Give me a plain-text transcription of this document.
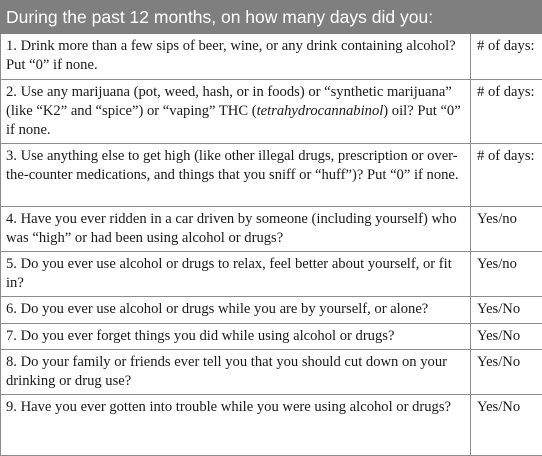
During the past 12 months, on how many days did you:
1. Drink more than a few sips of beer, wine, or any drink containing alcohol? Put “0” if none.	# of days:
2. Use any marijuana (pot, weed, hash, or in foods) or “synthetic marijuana” (like “K2” and “spice”) or “vaping” THC (tetrahydrocannabinol) oil? Put “0” if none.	# of days:
3. Use anything else to get high (like other illegal drugs, prescription or over-the-counter medications, and things that you sniff or “huff”)? Put “0” if none.	# of days:
4. Have you ever ridden in a car driven by someone (including yourself) who was “high” or had been using alcohol or drugs?	Yes/no
5. Do you ever use alcohol or drugs to relax, feel better about yourself, or fit in?	Yes/no
6. Do you ever use alcohol or drugs while you are by yourself, or alone?	Yes/No
7. Do you ever forget things you did while using alcohol or drugs?	Yes/No
8. Do your family or friends ever tell you that you should cut down on your drinking or drug use?	Yes/No
9. Have you ever gotten into trouble while you were using alcohol or drugs?	Yes/No
